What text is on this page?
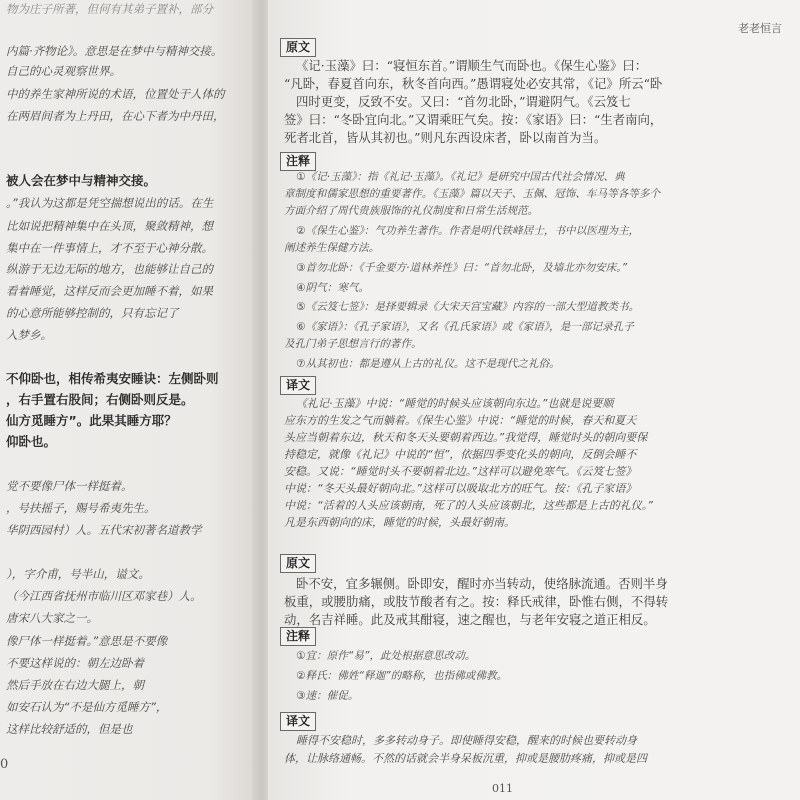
0
物为庄子所著，但何有其弟子置补，部分
内篇·齐物论》。意思是在梦中与精神交接。
自己的心灵观察世界。
中的养生家神所说的术语，位置处于人体的
在两眉间者为上丹田，在心下者为中丹田，
被人会在梦中与精神交接。
。”我认为这都是凭空揣想说出的话。在生
比如说把精神集中在头顶，聚敛精神，想
集中在一件事情上，才不至于心神分散。
纵游于无边无际的地方，也能够让自己的
看着睡觉，这样反而会更加睡不着，如果
的心意所能够控制的，只有忘记了
入梦乡。
不仰卧也，相传希夷安睡诀：左侧卧则
，右手置右股间；右侧卧则反是。
仙方觅睡方”。此果其睡方耶？
仰卧也。
党不要像尸体一样挺着。
，号扶摇子，赐号希夷先生。
华阴西园村）人。五代宋初著名道教学
），字介甫，号半山，谥文。
（今江西省抚州市临川区邓家巷）人。
唐宋八大家之一。
像尸体一样挺着。”意思是不要像
不要这样说的：朝左边卧着
然后手放在右边大腿上，朝
如安石认为“不是仙方觅睡方”，
这样比较舒适的，但是也
老老恒言
011
原文
注释
译文
原文
注释
译文
《记·玉藻》曰：“寝恒东首。”谓顺生气而卧也。《保生心鉴》曰：
“凡卧，春夏首向东，秋冬首向西。”愚谓寝处必安其常，《记》所云“卧
四时更变，反致不安。又曰：“首勿北卧，”谓避阴气。《云笈七
签》曰：“冬卧宜向北。”又谓乘旺气矣。按：《家语》曰：“生者南向，
死者北首，皆从其初也。”则凡东西设床者，卧以南首为当。
①《记·玉藻》：指《礼记·玉藻》。《礼记》是研究中国古代社会情况、典
章制度和儒家思想的重要著作。《玉藻》篇以天子、玉佩、冠饰、车马等各等多个
方面介绍了周代贵族服饰的礼仪制度和日常生活规范。
②《保生心鉴》：气功养生著作。作者是明代铁峰居士，书中以医理为主，
阐述养生保健方法。
③首勿北卧：《千金要方·道林养性》曰：“首勿北卧，及墙北亦勿安床。”
④阴气：寒气。
⑤《云笈七签》：是择要辑录《大宋天宫宝藏》内容的一部大型道教类书。
⑥《家语》：《孔子家语》，又名《孔氏家语》或《家语》，是一部记录孔子
及孔门弟子思想言行的著作。
⑦从其初也：都是遵从上古的礼仪。这不是现代之礼俗。
《礼记·玉藻》中说：“睡觉的时候头应该朝向东边。”也就是说要顺
应东方的生发之气而躺着。《保生心鉴》中说：“睡觉的时候，春天和夏天
头应当朝着东边，秋天和冬天头要朝着西边。”我觉得，睡觉时头的朝向要保
持稳定，就像《礼记》中说的“恒”，依据四季变化头的朝向，反倒会睡不
安稳。又说：“睡觉时头不要朝着北边。”这样可以避免寒气。《云笈七签》
中说：“冬天头最好朝向北。”这样可以吸取北方的旺气。按：《孔子家语》
中说：“活着的人头应该朝南，死了的人头应该朝北，这些都是上古的礼仪。”
凡是东西朝向的床，睡觉的时候，头最好朝南。
卧不安，宜多辗侧。卧即安，醒时亦当转动，使络脉流通。否则半身
板重，或腰肋痛，或肢节酸者有之。按：释氏戒律，卧惟右侧，不得转
动，名吉祥睡。此及戒其酣寝，速之醒也，与老年安寝之道正相反。
①宜：原作“易”，此处根据意思改动。
②释氏：佛姓“释迦”的略称，也指佛或佛教。
③速：催促。
睡得不安稳时，多多转动身子。即使睡得安稳，醒来的时候也要转动身
体，让脉络通畅。不然的话就会半身呆板沉重，抑或是腰肋疼痛，抑或是四
